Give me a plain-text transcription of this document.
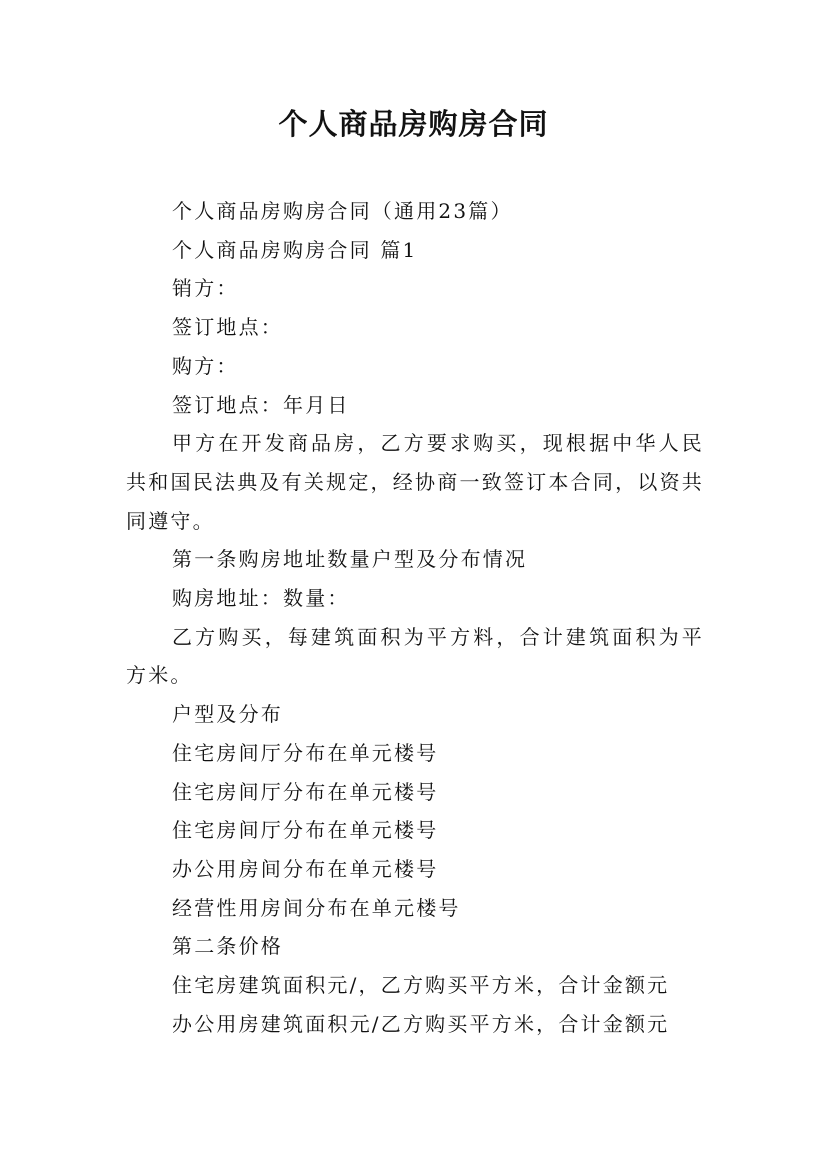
个人商品房购房合同

个人商品房购房合同（通用23篇）

个人商品房购房合同 篇1

销方：

签订地点：

购方：

签订地点：年月日

甲方在开发商品房，乙方要求购买，现根据中华人民共和国民法典及有关规定，经协商一致签订本合同，以资共同遵守。

第一条购房地址数量户型及分布情况

购房地址：数量：

乙方购买，每建筑面积为平方料，合计建筑面积为平方米。

户型及分布

住宅房间厅分布在单元楼号

住宅房间厅分布在单元楼号

住宅房间厅分布在单元楼号

办公用房间分布在单元楼号

经营性用房间分布在单元楼号

第二条价格

住宅房建筑面积元/，乙方购买平方米，合计金额元

办公用房建筑面积元/乙方购买平方米，合计金额元
